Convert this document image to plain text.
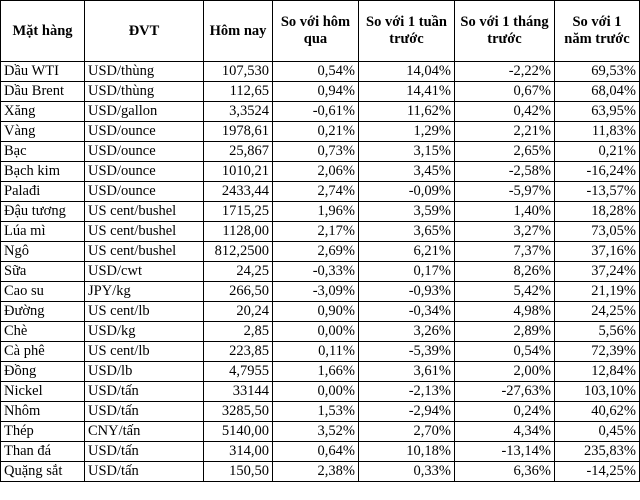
Mặt hàng	ĐVT	Hôm nay	So với hôm qua	So với 1 tuần trước	So với 1 tháng trước	So với 1 năm trước
Dầu WTI	USD/thùng	107,530	0,54%	14,04%	-2,22%	69,53%
Dầu Brent	USD/thùng	112,65	0,94%	14,41%	0,67%	68,04%
Xăng	USD/gallon	3,3524	-0,61%	11,62%	0,42%	63,95%
Vàng	USD/ounce	1978,61	0,21%	1,29%	2,21%	11,83%
Bạc	USD/ounce	25,867	0,73%	3,15%	2,65%	0,21%
Bạch kim	USD/ounce	1010,21	2,06%	3,45%	-2,58%	-16,24%
Palađi	USD/ounce	2433,44	2,74%	-0,09%	-5,97%	-13,57%
Đậu tương	US cent/bushel	1715,25	1,96%	3,59%	1,40%	18,28%
Lúa mì	US cent/bushel	1128,00	2,17%	3,65%	3,27%	73,05%
Ngô	US cent/bushel	812,2500	2,69%	6,21%	7,37%	37,16%
Sữa	USD/cwt	24,25	-0,33%	0,17%	8,26%	37,24%
Cao su	JPY/kg	266,50	-3,09%	-0,93%	5,42%	21,19%
Đường	US cent/lb	20,24	0,90%	-0,34%	4,98%	24,25%
Chè	USD/kg	2,85	0,00%	3,26%	2,89%	5,56%
Cà phê	US cent/lb	223,85	0,11%	-5,39%	0,54%	72,39%
Đồng	USD/lb	4,7955	1,66%	3,61%	2,00%	12,84%
Nickel	USD/tấn	33144	0,00%	-2,13%	-27,63%	103,10%
Nhôm	USD/tấn	3285,50	1,53%	-2,94%	0,24%	40,62%
Thép	CNY/tấn	5140,00	3,52%	2,70%	4,34%	0,45%
Than đá	USD/tấn	314,00	0,64%	10,18%	-13,14%	235,83%
Quặng sắt	USD/tấn	150,50	2,38%	0,33%	6,36%	-14,25%
